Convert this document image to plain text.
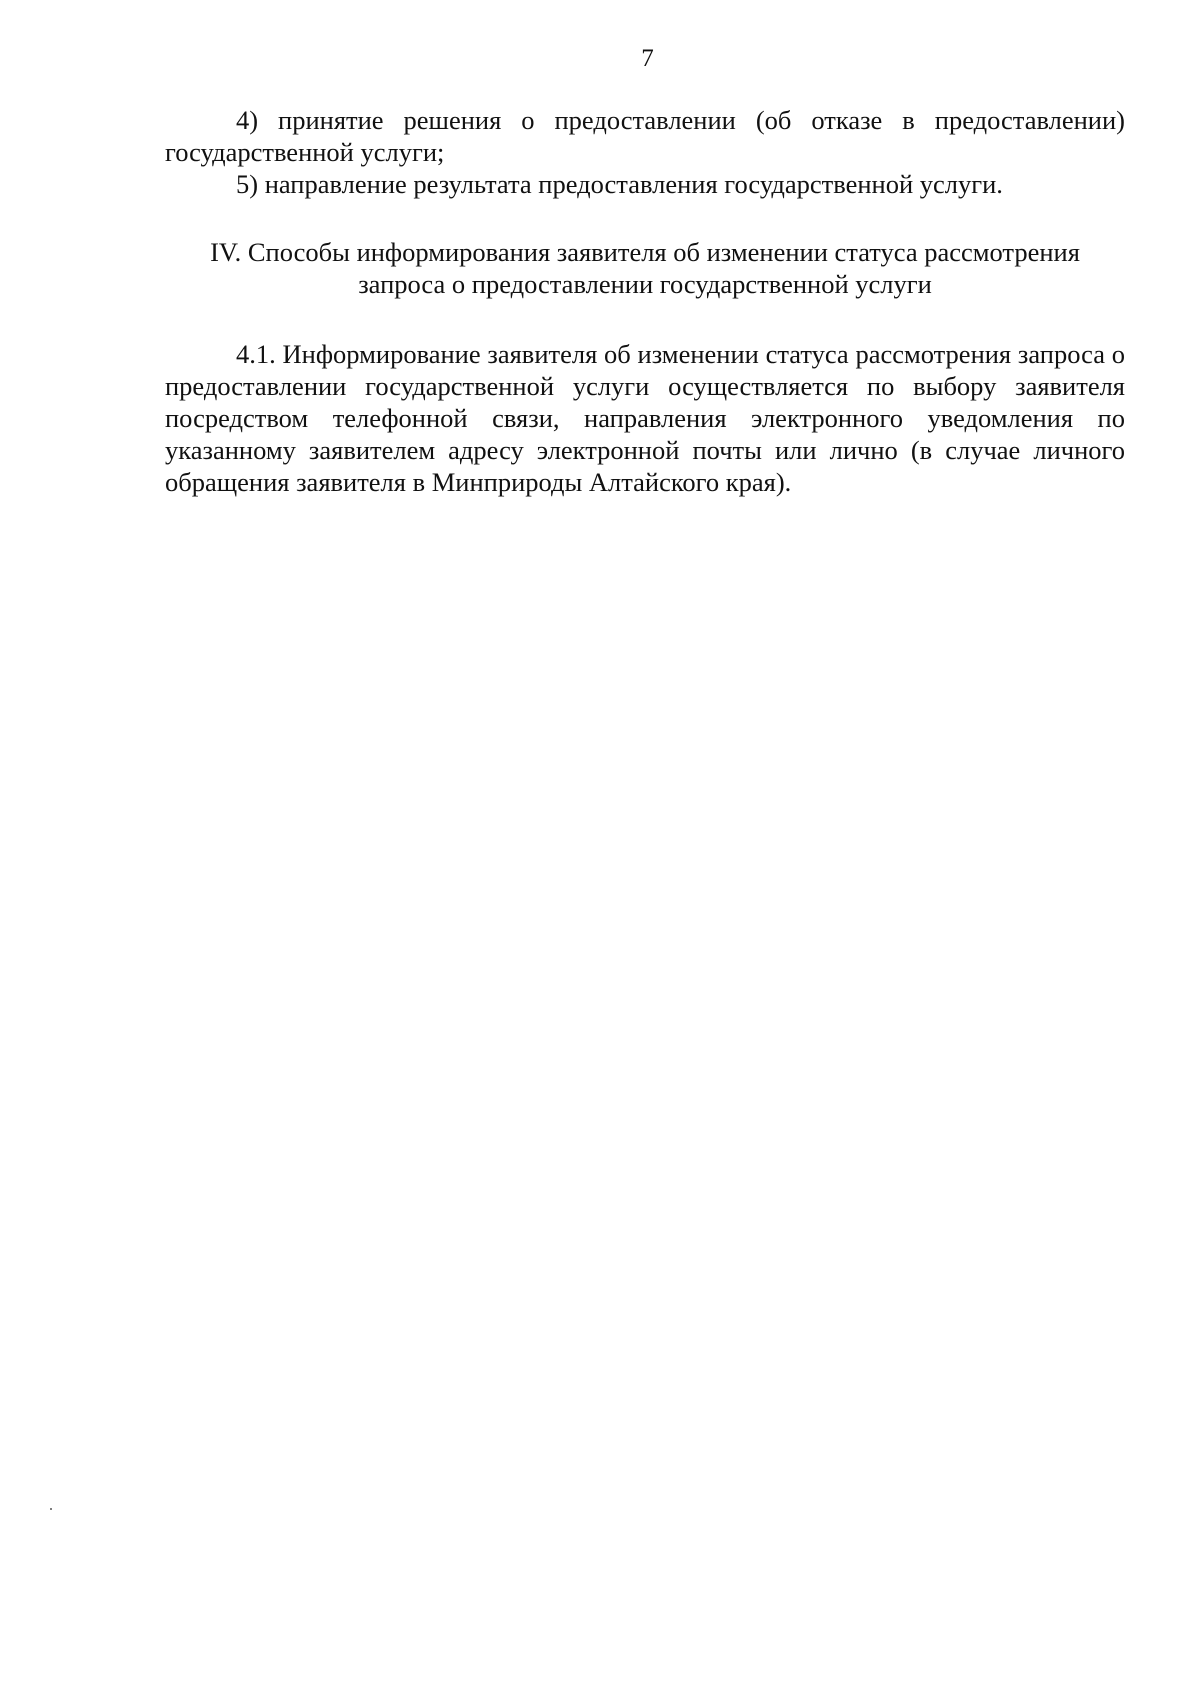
7

4) принятие решения о предоставлении (об отказе в предоставлении) государственной услуги;

5) направление результата предоставления государственной услуги.

IV. Способы информирования заявителя об изменении статуса рассмотрения
запроса о предоставлении государственной услуги

4.1. Информирование заявителя об изменении статуса рассмотрения запроса о предоставлении государственной услуги осуществляется по выбору заявителя посредством телефонной связи, направления электронного уведомления по указанному заявителем адресу электронной почты или лично (в случае личного обращения заявителя в Минприроды Алтайского края).
